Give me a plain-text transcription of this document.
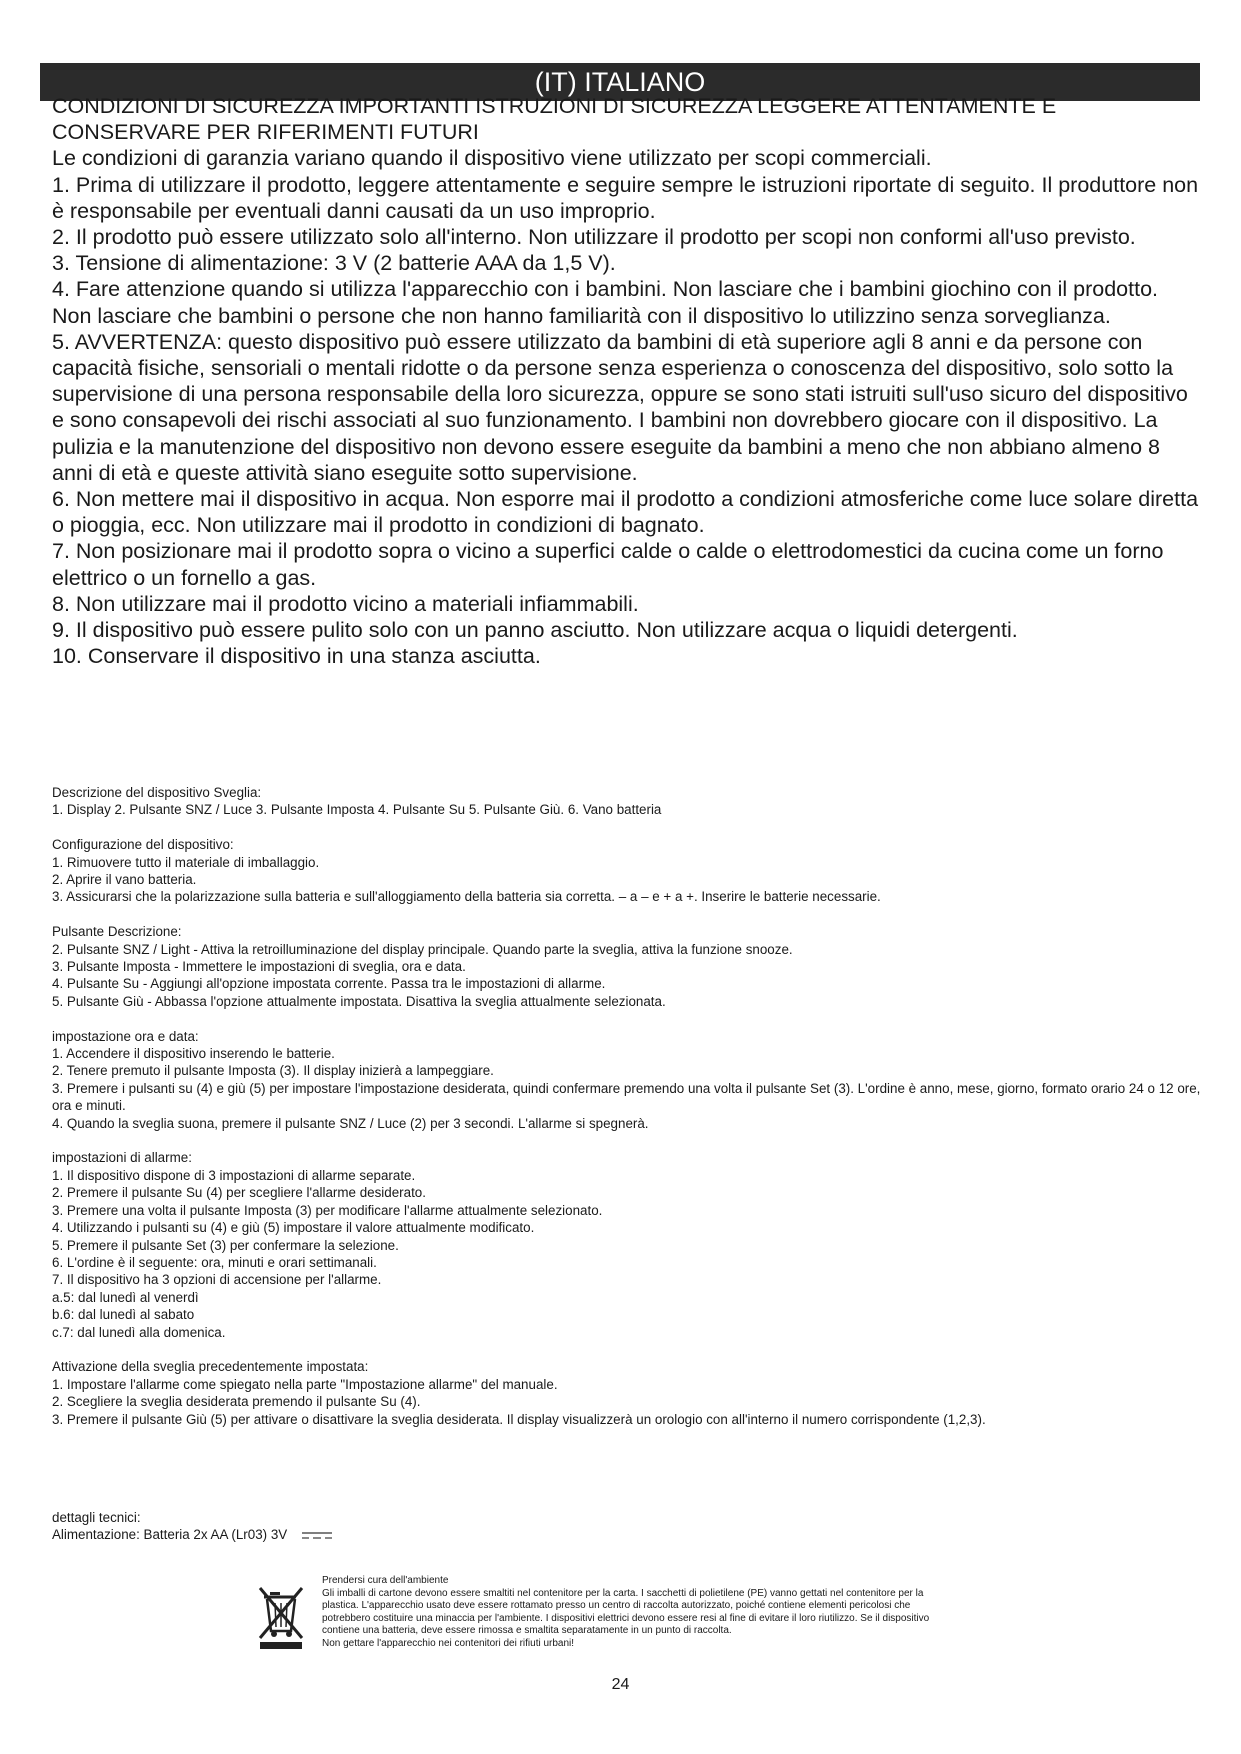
(IT) ITALIANO

CONDIZIONI DI SICUREZZA IMPORTANTI ISTRUZIONI DI SICUREZZA LEGGERE ATTENTAMENTE E

CONSERVARE PER RIFERIMENTI FUTURI

Le condizioni di garanzia variano quando il dispositivo viene utilizzato per scopi commerciali.

1. Prima di utilizzare il prodotto, leggere attentamente e seguire sempre le istruzioni riportate di seguito. Il produttore non è responsabile per eventuali danni causati da un uso improprio.

2. Il prodotto può essere utilizzato solo all'interno. Non utilizzare il prodotto per scopi non conformi all'uso previsto.

3. Tensione di alimentazione: 3 V (2 batterie AAA da 1,5 V).

4. Fare attenzione quando si utilizza l'apparecchio con i bambini. Non lasciare che i bambini giochino con il prodotto. Non lasciare che bambini o persone che non hanno familiarità con il dispositivo lo utilizzino senza sorveglianza.

5. AVVERTENZA: questo dispositivo può essere utilizzato da bambini di età superiore agli 8 anni e da persone con capacità fisiche, sensoriali o mentali ridotte o da persone senza esperienza o conoscenza del dispositivo, solo sotto la supervisione di una persona responsabile della loro sicurezza, oppure se sono stati istruiti sull'uso sicuro del dispositivo e sono consapevoli dei rischi associati al suo funzionamento. I bambini non dovrebbero giocare con il dispositivo. La pulizia e la manutenzione del dispositivo non devono essere eseguite da bambini a meno che non abbiano almeno 8 anni di età e queste attività siano eseguite sotto supervisione.

6. Non mettere mai il dispositivo in acqua. Non esporre mai il prodotto a condizioni atmosferiche come luce solare diretta o pioggia, ecc. Non utilizzare mai il prodotto in condizioni di bagnato.

7. Non posizionare mai il prodotto sopra o vicino a superfici calde o calde o elettrodomestici da cucina come un forno elettrico o un fornello a gas.

8. Non utilizzare mai il prodotto vicino a materiali infiammabili.

9. Il dispositivo può essere pulito solo con un panno asciutto. Non utilizzare acqua o liquidi detergenti.

10. Conservare il dispositivo in una stanza asciutta.

Descrizione del dispositivo Sveglia:

1. Display 2. Pulsante SNZ / Luce 3. Pulsante Imposta 4. Pulsante Su 5. Pulsante Giù. 6. Vano batteria

Configurazione del dispositivo:

1. Rimuovere tutto il materiale di imballaggio.

2. Aprire il vano batteria.

3. Assicurarsi che la polarizzazione sulla batteria e sull'alloggiamento della batteria sia corretta. – a – e + a +. Inserire le batterie necessarie.

Pulsante Descrizione:

2. Pulsante SNZ / Light - Attiva la retroilluminazione del display principale. Quando parte la sveglia, attiva la funzione snooze.

3. Pulsante Imposta - Immettere le impostazioni di sveglia, ora e data.

4. Pulsante Su - Aggiungi all'opzione impostata corrente. Passa tra le impostazioni di allarme.

5. Pulsante Giù - Abbassa l'opzione attualmente impostata. Disattiva la sveglia attualmente selezionata.

impostazione ora e data:

1. Accendere il dispositivo inserendo le batterie.

2. Tenere premuto il pulsante Imposta (3). Il display inizierà a lampeggiare.

3. Premere i pulsanti su (4) e giù (5) per impostare l'impostazione desiderata, quindi confermare premendo una volta il pulsante Set (3). L'ordine è anno, mese, giorno, formato orario 24 o 12 ore, ora e minuti.

4. Quando la sveglia suona, premere il pulsante SNZ / Luce (2) per 3 secondi. L'allarme si spegnerà.

impostazioni di allarme:

1. Il dispositivo dispone di 3 impostazioni di allarme separate.

2. Premere il pulsante Su (4) per scegliere l'allarme desiderato.

3. Premere una volta il pulsante Imposta (3) per modificare l'allarme attualmente selezionato.

4. Utilizzando i pulsanti su (4) e giù (5) impostare il valore attualmente modificato.

5. Premere il pulsante Set (3) per confermare la selezione.

6. L'ordine è il seguente: ora, minuti e orari settimanali.

7. Il dispositivo ha 3 opzioni di accensione per l'allarme.

a.5: dal lunedì al venerdì

b.6: dal lunedì al sabato

c.7: dal lunedì alla domenica.

Attivazione della sveglia precedentemente impostata:

1. Impostare l'allarme come spiegato nella parte "Impostazione allarme" del manuale.

2. Scegliere la sveglia desiderata premendo il pulsante Su (4).

3. Premere il pulsante Giù (5) per attivare o disattivare la sveglia desiderata. Il display visualizzerà un orologio con all'interno il numero corrispondente (1,2,3).

dettagli tecnici:

Alimentazione: Batteria 2x AA (Lr03) 3V

Prendersi cura dell'ambiente

Gli imballi di cartone devono essere smaltiti nel contenitore per la carta. I sacchetti di polietilene (PE) vanno gettati nel contenitore per la

plastica. L'apparecchio usato deve essere rottamato presso un centro di raccolta autorizzato, poiché contiene elementi pericolosi che

potrebbero costituire una minaccia per l'ambiente. I dispositivi elettrici devono essere resi al fine di evitare il loro riutilizzo. Se il dispositivo

contiene una batteria, deve essere rimossa e smaltita separatamente in un punto di raccolta.

Non gettare l'apparecchio nei contenitori dei rifiuti urbani!

24
